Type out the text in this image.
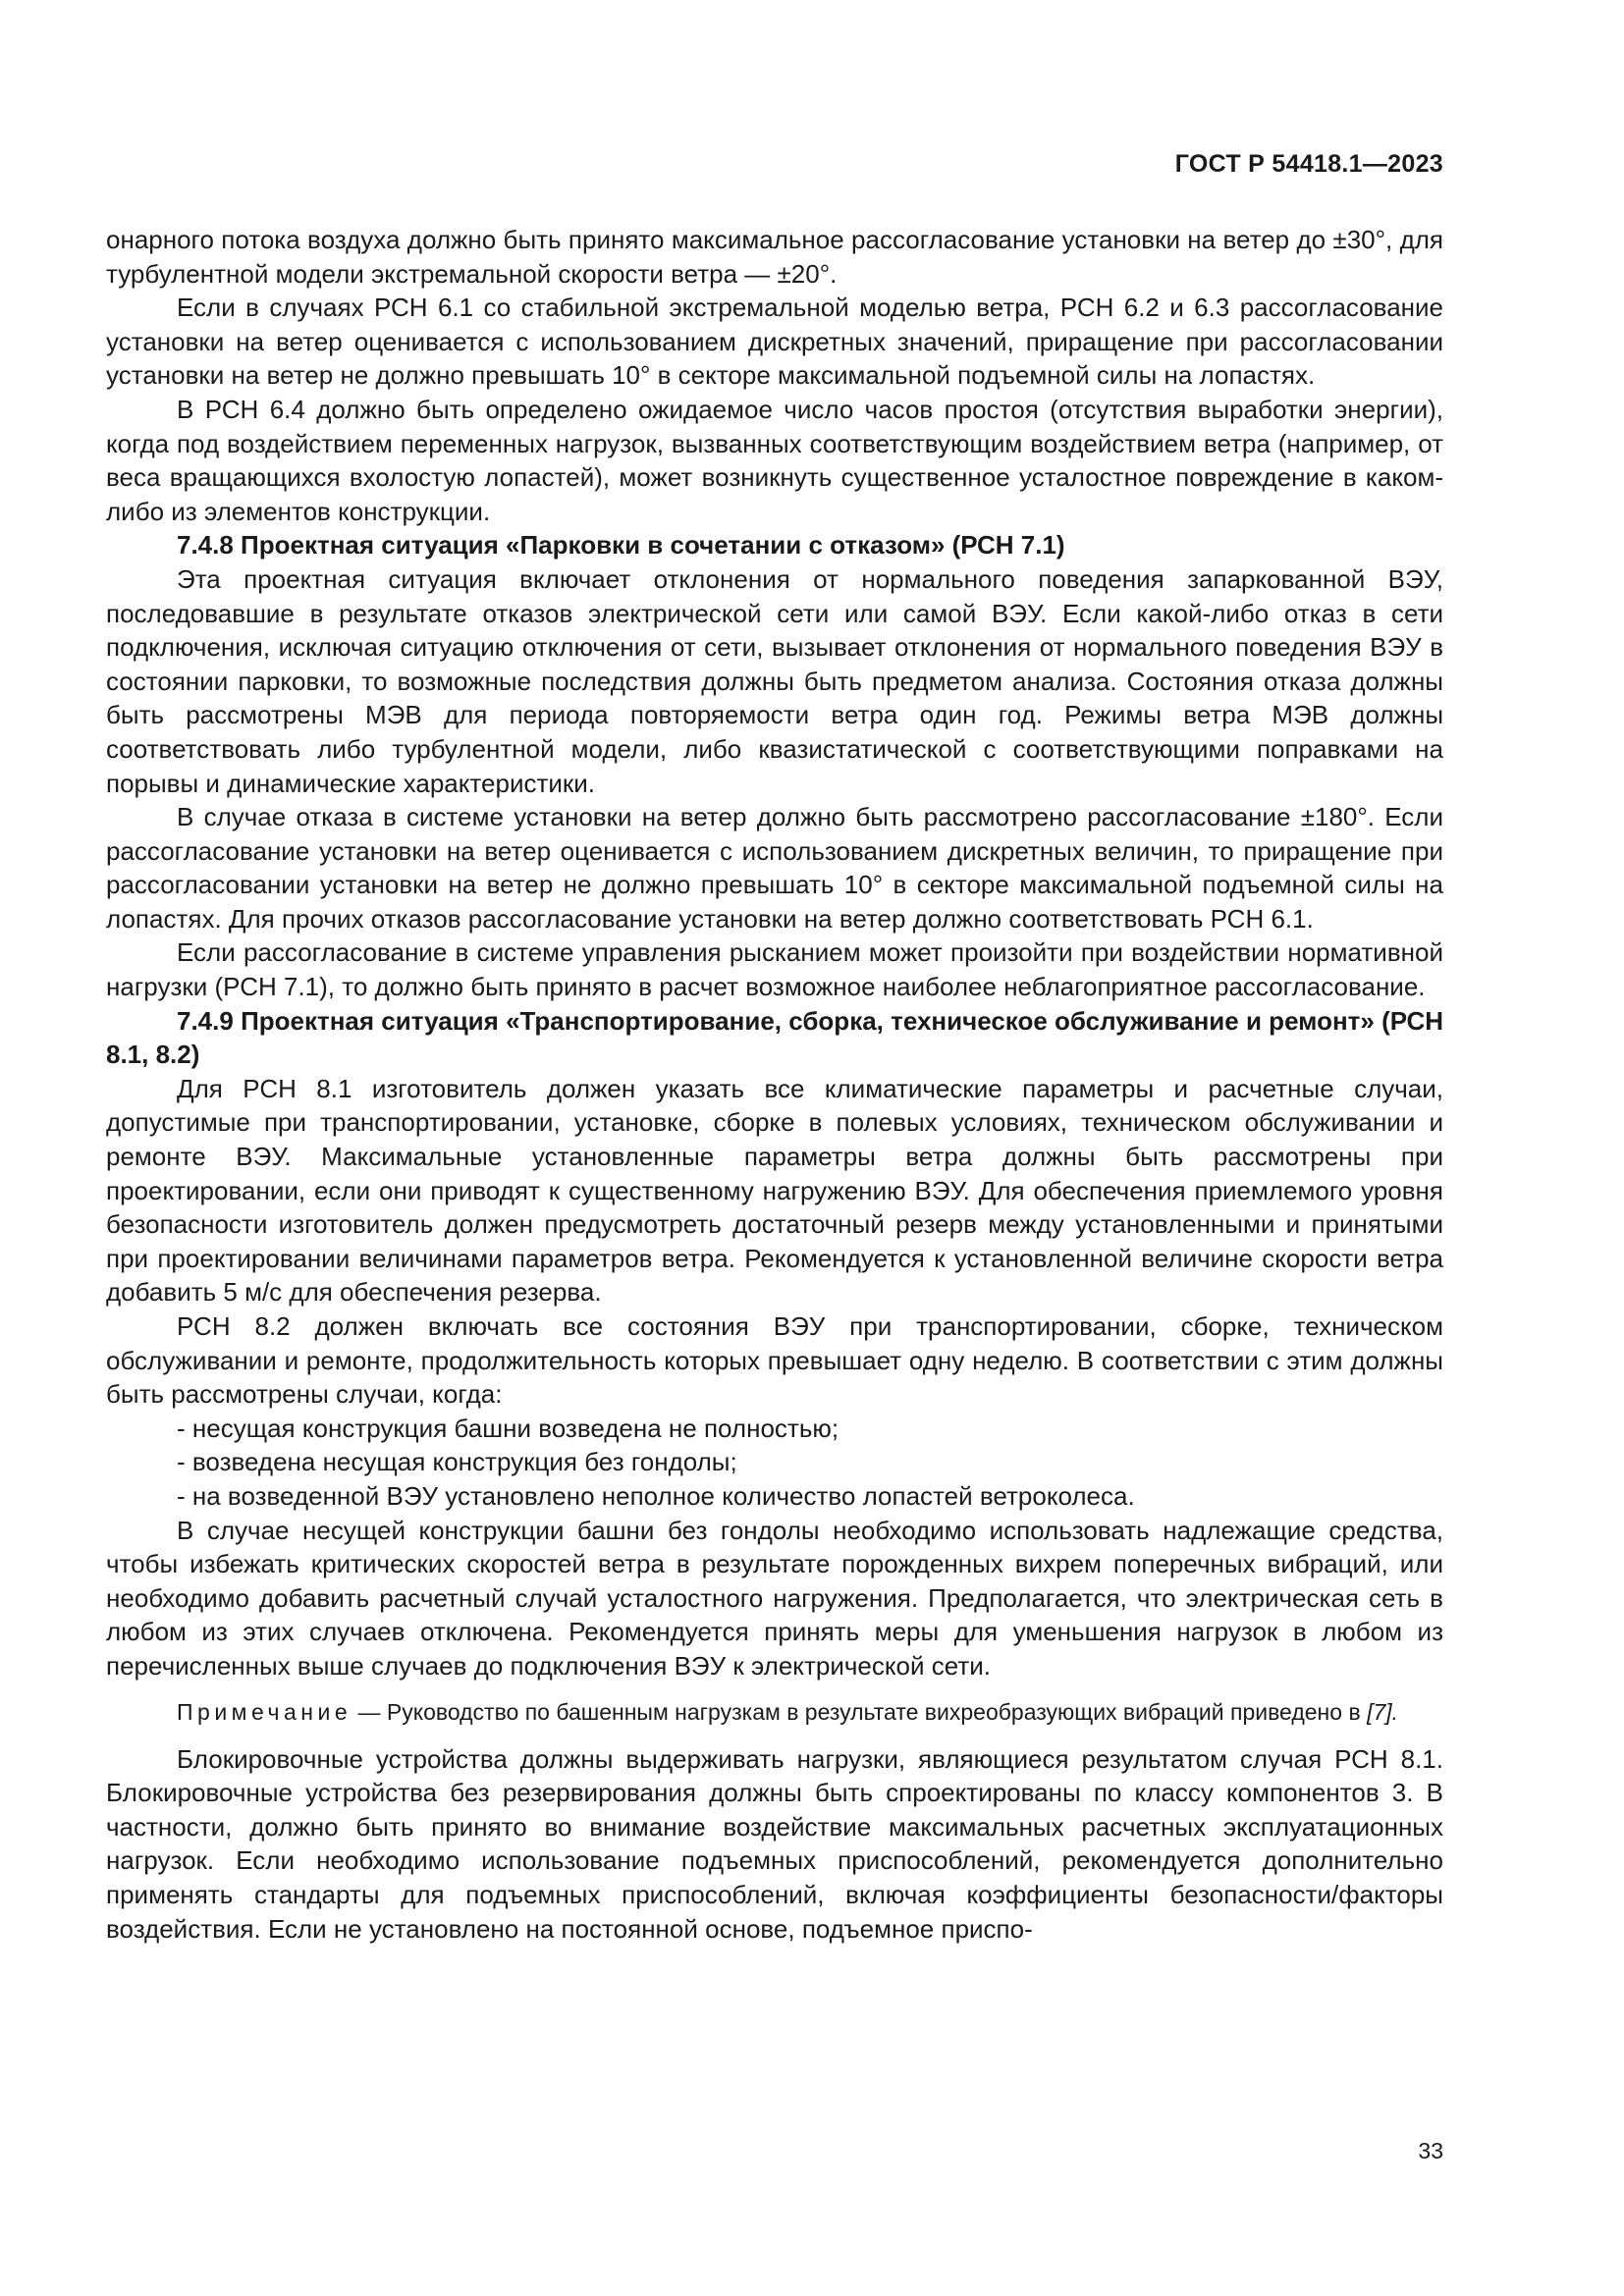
ГОСТ Р 54418.1—2023

онарного потока воздуха должно быть принято максимальное рассогласование установки на ветер до ±30°, для турбулентной модели экстремальной скорости ветра — ±20°.

Если в случаях РСН 6.1 со стабильной экстремальной моделью ветра, РСН 6.2 и 6.3 рассогласование установки на ветер оценивается с использованием дискретных значений, приращение при рассогласовании установки на ветер не должно превышать 10° в секторе максимальной подъемной силы на лопастях.

В РСН 6.4 должно быть определено ожидаемое число часов простоя (отсутствия выработки энергии), когда под воздействием переменных нагрузок, вызванных соответствующим воздействием ветра (например, от веса вращающихся вхолостую лопастей), может возникнуть существенное усталостное повреждение в каком-либо из элементов конструкции.

7.4.8 Проектная ситуация «Парковки в сочетании с отказом» (РСН 7.1)

Эта проектная ситуация включает отклонения от нормального поведения запаркованной ВЭУ, последовавшие в результате отказов электрической сети или самой ВЭУ. Если какой-либо отказ в сети подключения, исключая ситуацию отключения от сети, вызывает отклонения от нормального поведения ВЭУ в состоянии парковки, то возможные последствия должны быть предметом анализа. Состояния отказа должны быть рассмотрены МЭВ для периода повторяемости ветра один год. Режимы ветра МЭВ должны соответствовать либо турбулентной модели, либо квазистатической с соответствующими поправками на порывы и динамические характеристики.

В случае отказа в системе установки на ветер должно быть рассмотрено рассогласование ±180°. Если рассогласование установки на ветер оценивается с использованием дискретных величин, то приращение при рассогласовании установки на ветер не должно превышать 10° в секторе максимальной подъемной силы на лопастях. Для прочих отказов рассогласование установки на ветер должно соответствовать РСН 6.1.

Если рассогласование в системе управления рысканием может произойти при воздействии нормативной нагрузки (РСН 7.1), то должно быть принято в расчет возможное наиболее неблагоприятное рассогласование.

7.4.9 Проектная ситуация «Транспортирование, сборка, техническое обслуживание и ремонт» (РСН 8.1, 8.2)

Для РСН 8.1 изготовитель должен указать все климатические параметры и расчетные случаи, допустимые при транспортировании, установке, сборке в полевых условиях, техническом обслуживании и ремонте ВЭУ. Максимальные установленные параметры ветра должны быть рассмотрены при проектировании, если они приводят к существенному нагружению ВЭУ. Для обеспечения приемлемого уровня безопасности изготовитель должен предусмотреть достаточный резерв между установленными и принятыми при проектировании величинами параметров ветра. Рекомендуется к установленной величине скорости ветра добавить 5 м/с для обеспечения резерва.

РСН 8.2 должен включать все состояния ВЭУ при транспортировании, сборке, техническом обслуживании и ремонте, продолжительность которых превышает одну неделю. В соответствии с этим должны быть рассмотрены случаи, когда:

- несущая конструкция башни возведена не полностью;

- возведена несущая конструкция без гондолы;

- на возведенной ВЭУ установлено неполное количество лопастей ветроколеса.

В случае несущей конструкции башни без гондолы необходимо использовать надлежащие средства, чтобы избежать критических скоростей ветра в результате порожденных вихрем поперечных вибраций, или необходимо добавить расчетный случай усталостного нагружения. Предполагается, что электрическая сеть в любом из этих случаев отключена. Рекомендуется принять меры для уменьшения нагрузок в любом из перечисленных выше случаев до подключения ВЭУ к электрической сети.

Примечание — Руководство по башенным нагрузкам в результате вихреобразующих вибраций приведено в [7].

Блокировочные устройства должны выдерживать нагрузки, являющиеся результатом случая РСН 8.1. Блокировочные устройства без резервирования должны быть спроектированы по классу компонентов 3. В частности, должно быть принято во внимание воздействие максимальных расчетных эксплуатационных нагрузок. Если необходимо использование подъемных приспособлений, рекомендуется дополнительно применять стандарты для подъемных приспособлений, включая коэффициенты безопасности/факторы воздействия. Если не установлено на постоянной основе, подъемное приспо-

33
